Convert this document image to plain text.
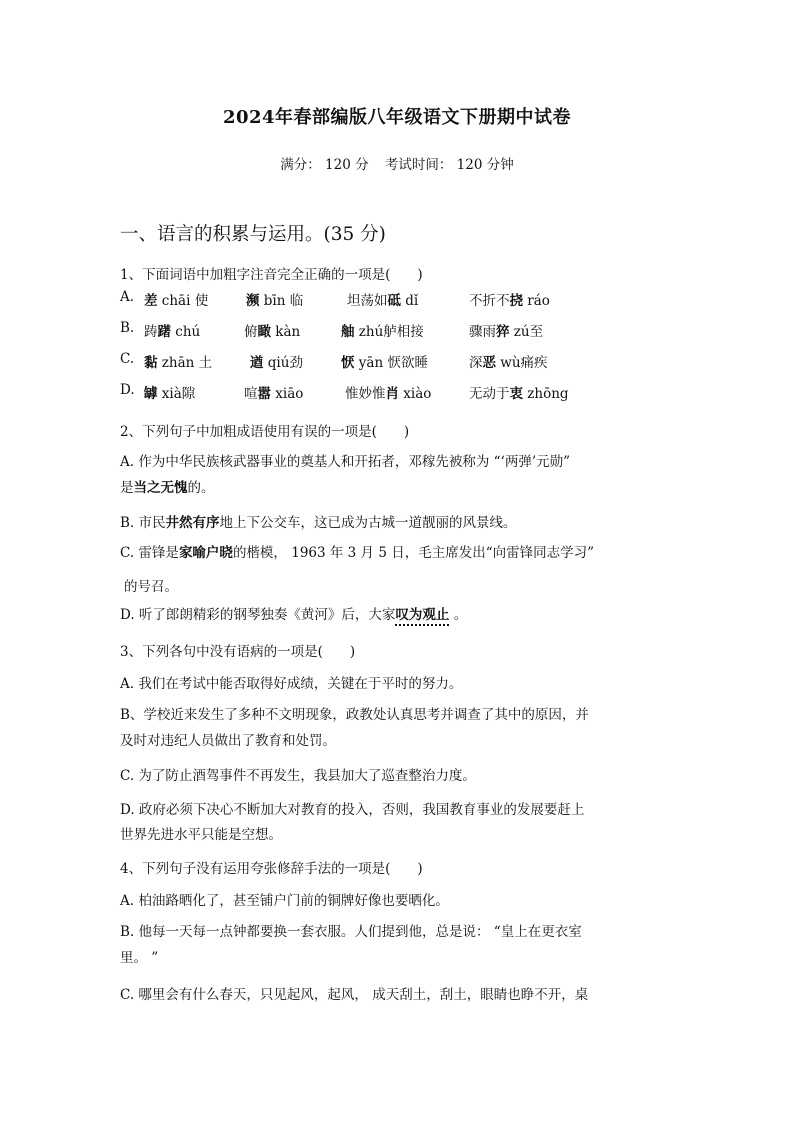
2024年春部编版八年级语文下册期中试卷
满分： 120 分 考试时间： 120 分钟
一、语言的积累与运用。(35 分)
1、下面词语中加粗字注音完全正确的一项是(　　)
A. 差 chāi 使	濒 bīn 临	坦荡如砥 dǐ	不折不挠 ráo
B. 踌躇 chú	俯瞰 kàn	舳 zhú舻相接	骤雨猝 zú至
C. 黏 zhān 土	遒 qiú劲	恹 yān 恹欲睡	深恶 wù痛疾
D. 罅 xià隙	喧嚣 xiāo	惟妙惟肖 xiào	无动于衷 zhōng
2、下列句子中加粗成语使用有误的一项是(　　)
A. 作为中华民族核武器事业的奠基人和开拓者，邓稼先被称为 “‘两弹’元勋”
是当之无愧的。
B. 市民井然有序地上下公交车，这已成为古城一道靓丽的风景线。
C. 雷锋是家喻户晓的楷模， 1963 年 3 月 5 日，毛主席发出“向雷锋同志学习”
的号召。
D. 听了郎朗精彩的钢琴独奏《黄河》后，大家叹为观止 。
3、下列各句中没有语病的一项是(　　)
A. 我们在考试中能否取得好成绩，关键在于平时的努力。
B、学校近来发生了多种不文明现象，政教处认真思考并调查了其中的原因，并
及时对违纪人员做出了教育和处罚。
C. 为了防止酒驾事件不再发生，我县加大了巡查整治力度。
D. 政府必须下决心不断加大对教育的投入，否则，我国教育事业的发展要赶上
世界先进水平只能是空想。
4、下列句子没有运用夸张修辞手法的一项是(　　)
A. 柏油路晒化了，甚至铺户门前的铜牌好像也要晒化。
B. 他每一天每一点钟都要换一套衣服。人们提到他，总是说： “皇上在更衣室
里。 ”
C. 哪里会有什么春天，只见起风，起风， 成天刮土，刮土，眼睛也睁不开，桌
